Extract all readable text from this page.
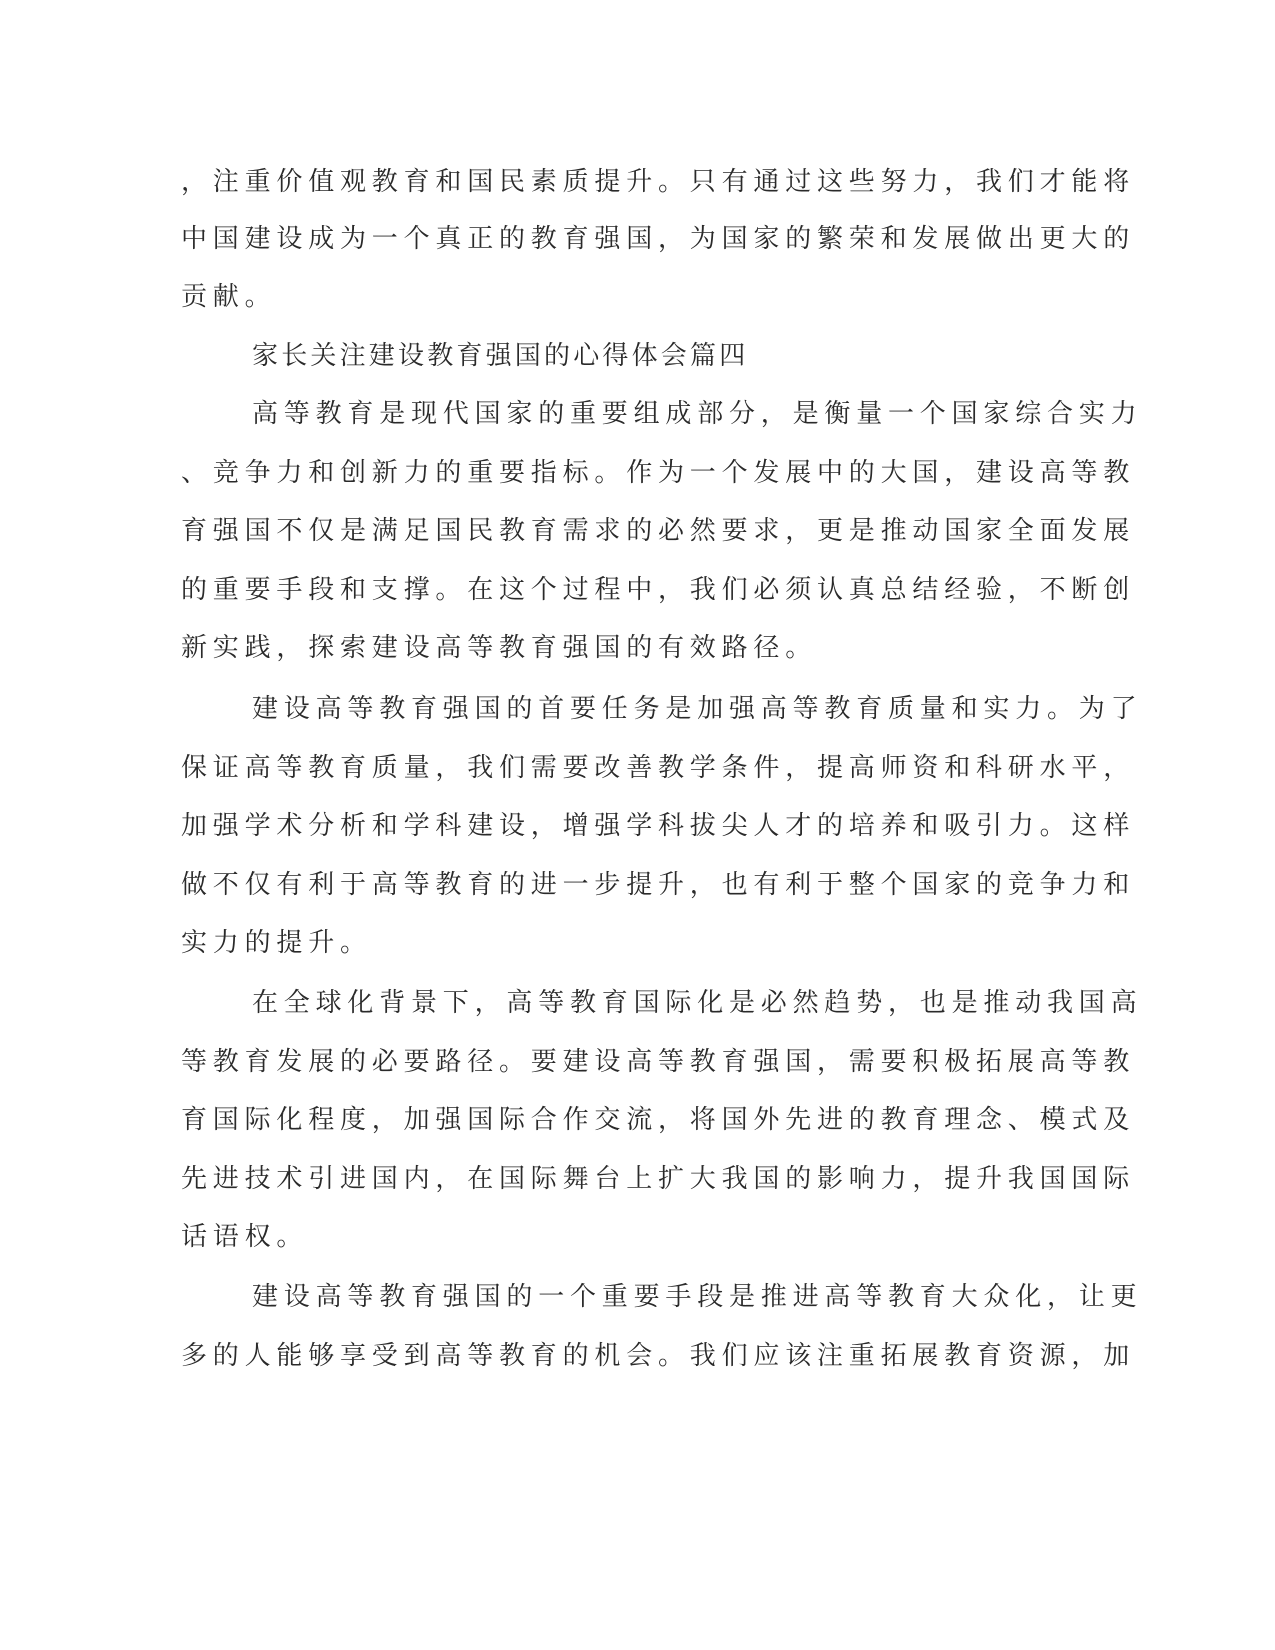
，注重价值观教育和国民素质提升。只有通过这些努力，我们才能将
中国建设成为一个真正的教育强国，为国家的繁荣和发展做出更大的
贡献。
家长关注建设教育强国的心得体会篇四
高等教育是现代国家的重要组成部分，是衡量一个国家综合实力
、竞争力和创新力的重要指标。作为一个发展中的大国，建设高等教
育强国不仅是满足国民教育需求的必然要求，更是推动国家全面发展
的重要手段和支撑。在这个过程中，我们必须认真总结经验，不断创
新实践，探索建设高等教育强国的有效路径。
建设高等教育强国的首要任务是加强高等教育质量和实力。为了
保证高等教育质量，我们需要改善教学条件，提高师资和科研水平，
加强学术分析和学科建设，增强学科拔尖人才的培养和吸引力。这样
做不仅有利于高等教育的进一步提升，也有利于整个国家的竞争力和
实力的提升。
在全球化背景下，高等教育国际化是必然趋势，也是推动我国高
等教育发展的必要路径。要建设高等教育强国，需要积极拓展高等教
育国际化程度，加强国际合作交流，将国外先进的教育理念、模式及
先进技术引进国内，在国际舞台上扩大我国的影响力，提升我国国际
话语权。
建设高等教育强国的一个重要手段是推进高等教育大众化，让更
多的人能够享受到高等教育的机会。我们应该注重拓展教育资源，加
